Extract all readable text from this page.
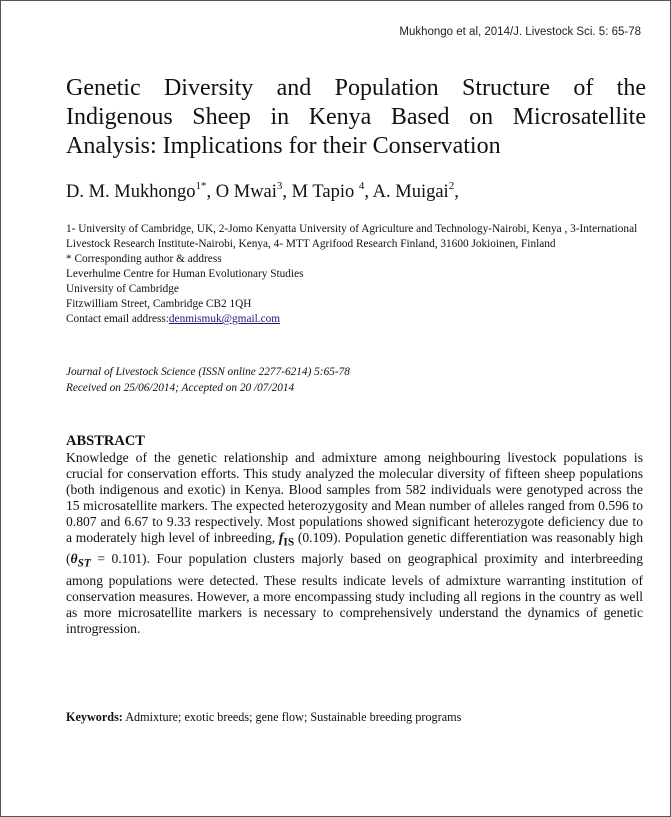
Mukhongo et al, 2014/J. Livestock Sci. 5: 65-78
Genetic Diversity and Population Structure of the Indigenous Sheep in Kenya Based on Microsatellite Analysis: Implications for their Conservation
D. M. Mukhongo$^{1*}$, O Mwai$^3$, M Tapio $^4$, A. Muigai$^2$,
1- University of Cambridge, UK, 2-Jomo Kenyatta University of Agriculture and Technology-Nairobi, Kenya , 3-International Livestock Research Institute-Nairobi, Kenya, 4- MTT Agrifood Research Finland, 31600 Jokioinen, Finland
* Corresponding author & address
Leverhulme Centre for Human Evolutionary Studies
University of Cambridge
Fitzwilliam Street, Cambridge CB2 1QH
Contact email address:denmismuk@gmail.com
Journal of Livestock Science (ISSN online 2277-6214) 5:65-78
Received on 25/06/2014; Accepted on 20 /07/2014
ABSTRACT
Knowledge of the genetic relationship and admixture among neighbouring livestock populations is crucial for conservation efforts. This study analyzed the molecular diversity of fifteen sheep populations (both indigenous and exotic) in Kenya. Blood samples from 582 individuals were genotyped across the 15 microsatellite markers. The expected heterozygosity and Mean number of alleles ranged from 0.596 to 0.807 and 6.67 to 9.33 respectively. Most populations showed significant heterozygote deficiency due to a moderately high level of inbreeding, $f_{IS}$ (0.109). Population genetic differentiation was reasonably high $(\theta_{ST} = 0.101)$. Four population clusters majorly based on geographical proximity and interbreeding among populations were detected. These results indicate levels of admixture warranting institution of conservation measures. However, a more encompassing study including all regions in the country as well as more microsatellite markers is necessary to comprehensively understand the dynamics of genetic introgression.
Keywords: Admixture; exotic breeds; gene flow; Sustainable breeding programs
